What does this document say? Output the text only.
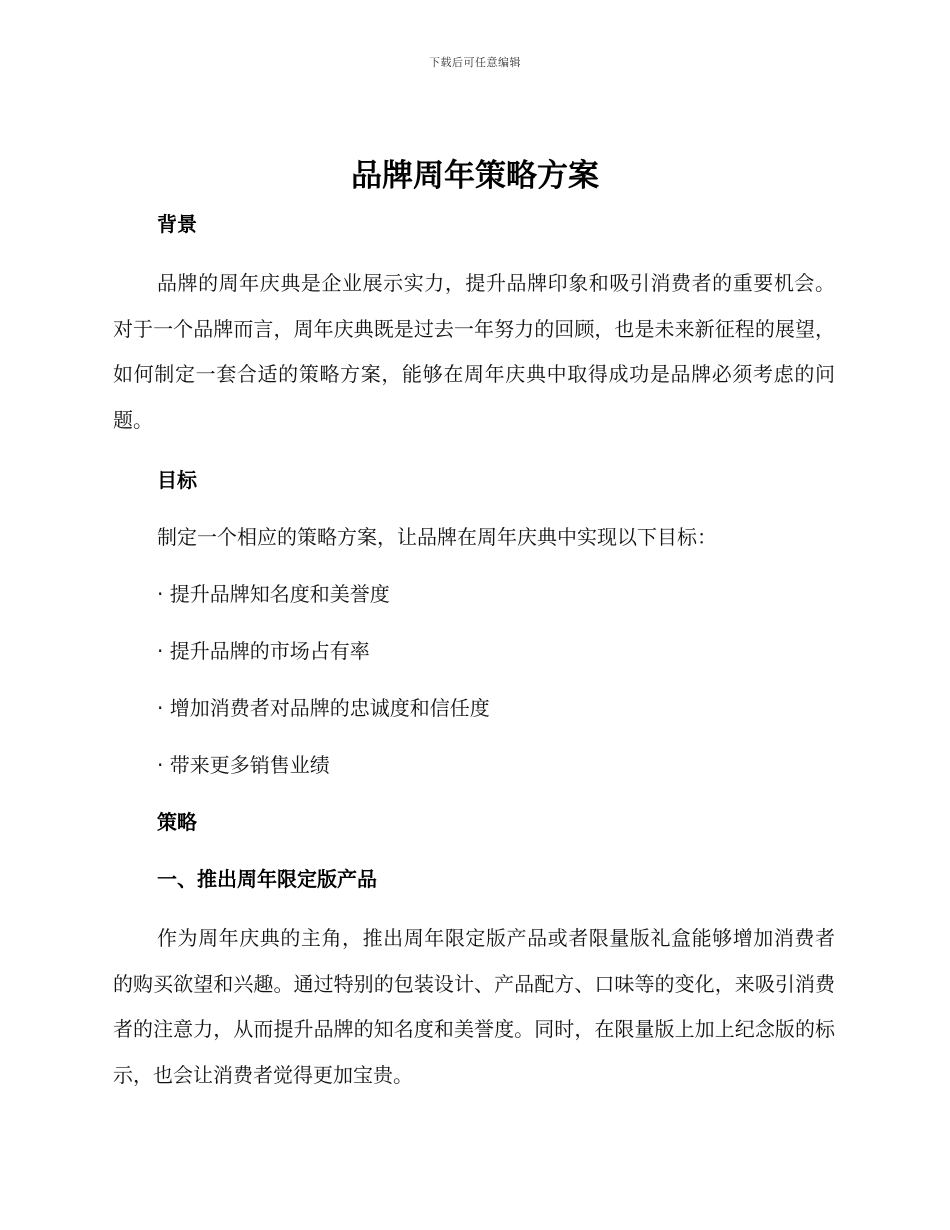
下载后可任意编辑
品牌周年策略方案
背景

品牌的周年庆典是企业展示实力，提升品牌印象和吸引消费者的重要机会。对于一个品牌而言，周年庆典既是过去一年努力的回顾，也是未来新征程的展望，如何制定一套合适的策略方案，能够在周年庆典中取得成功是品牌必须考虑的问题。

目标

制定一个相应的策略方案，让品牌在周年庆典中实现以下目标：

· 提升品牌知名度和美誉度

· 提升品牌的市场占有率

· 增加消费者对品牌的忠诚度和信任度

· 带来更多销售业绩

策略
一、推出周年限定版产品

作为周年庆典的主角，推出周年限定版产品或者限量版礼盒能够增加消费者的购买欲望和兴趣。通过特别的包装设计、产品配方、口味等的变化，来吸引消费者的注意力，从而提升品牌的知名度和美誉度。同时，在限量版上加上纪念版的标示，也会让消费者觉得更加宝贵。
